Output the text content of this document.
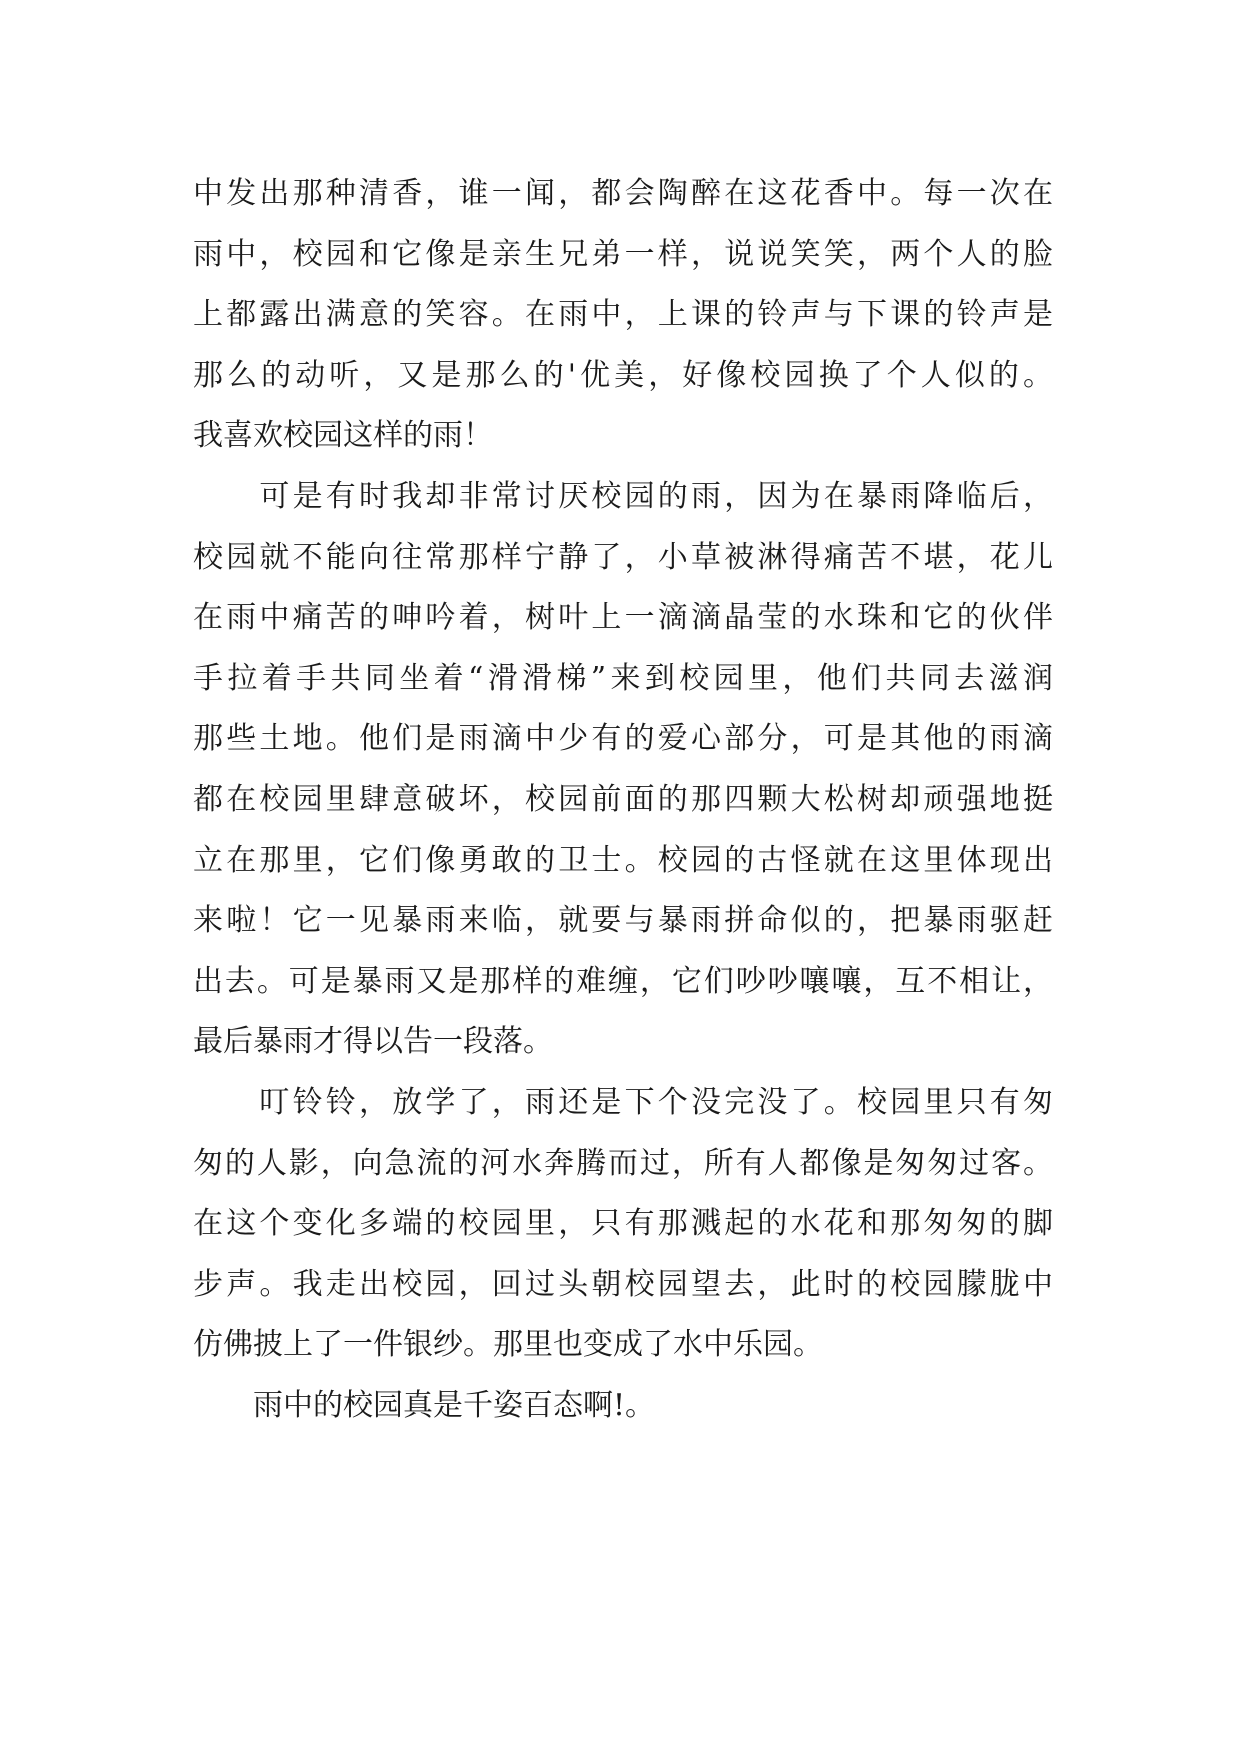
中发出那种清香，谁一闻，都会陶醉在这花香中。每一次在
雨中，校园和它像是亲生兄弟一样，说说笑笑，两个人的脸
上都露出满意的笑容。在雨中，上课的铃声与下课的铃声是
那么的动听，又是那么的'优美，好像校园换了个人似的。
我喜欢校园这样的雨！
　　可是有时我却非常讨厌校园的雨，因为在暴雨降临后，
校园就不能向往常那样宁静了，小草被淋得痛苦不堪，花儿
在雨中痛苦的呻吟着，树叶上一滴滴晶莹的水珠和它的伙伴
手拉着手共同坐着“滑滑梯”来到校园里，他们共同去滋润
那些土地。他们是雨滴中少有的爱心部分，可是其他的雨滴
都在校园里肆意破坏，校园前面的那四颗大松树却顽强地挺
立在那里，它们像勇敢的卫士。校园的古怪就在这里体现出
来啦！它一见暴雨来临，就要与暴雨拼命似的，把暴雨驱赶
出去。可是暴雨又是那样的难缠，它们吵吵嚷嚷，互不相让，
最后暴雨才得以告一段落。
　　叮铃铃，放学了，雨还是下个没完没了。校园里只有匆
匆的人影，向急流的河水奔腾而过，所有人都像是匆匆过客。
在这个变化多端的校园里，只有那溅起的水花和那匆匆的脚
步声。我走出校园，回过头朝校园望去，此时的校园朦胧中
仿佛披上了一件银纱。那里也变成了水中乐园。
　　雨中的校园真是千姿百态啊!。
